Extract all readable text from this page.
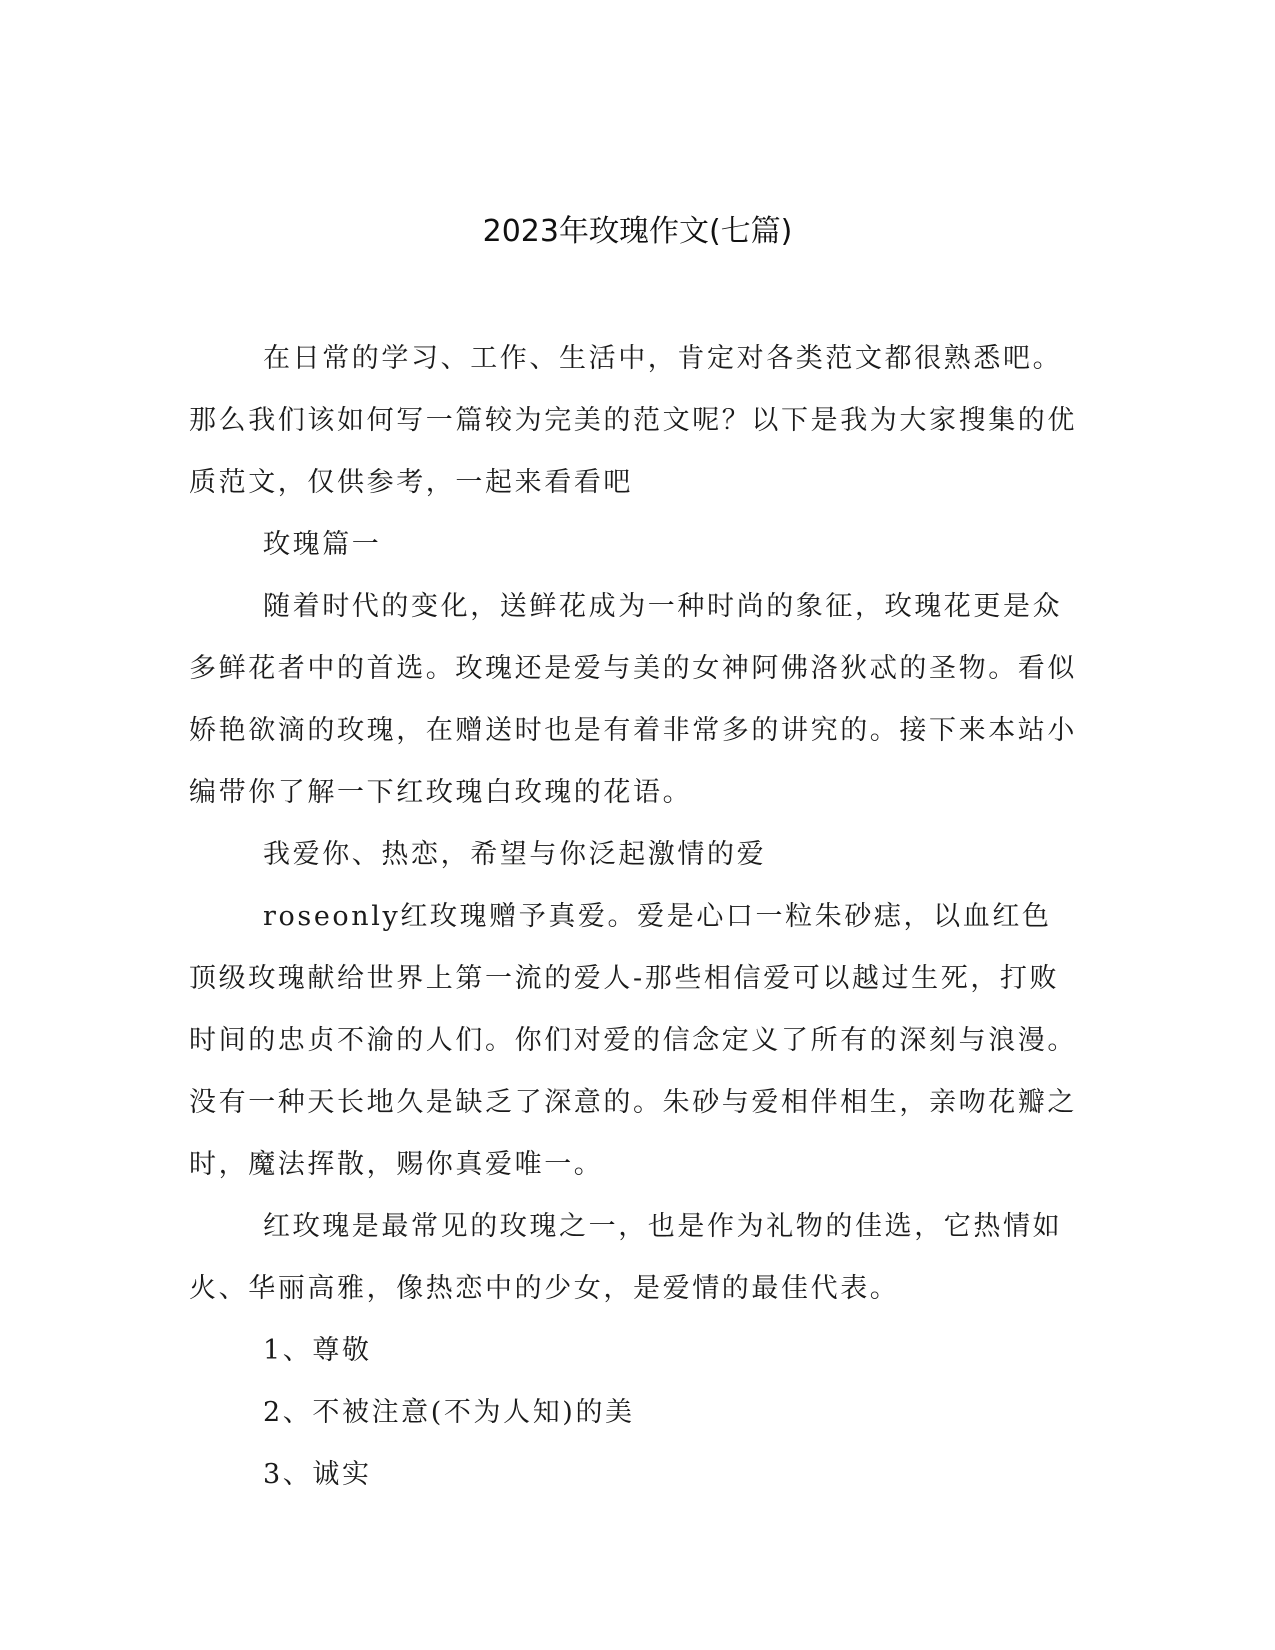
2023年玫瑰作文(七篇)

在日常的学习、工作、生活中，肯定对各类范文都很熟悉吧。那么我们该如何写一篇较为完美的范文呢？以下是我为大家搜集的优质范文，仅供参考，一起来看看吧

玫瑰篇一

随着时代的变化，送鲜花成为一种时尚的象征，玫瑰花更是众多鲜花者中的首选。玫瑰还是爱与美的女神阿佛洛狄忒的圣物。看似娇艳欲滴的玫瑰，在赠送时也是有着非常多的讲究的。接下来本站小编带你了解一下红玫瑰白玫瑰的花语。

我爱你、热恋，希望与你泛起激情的爱

roseonly红玫瑰赠予真爱。爱是心口一粒朱砂痣，以血红色顶级玫瑰献给世界上第一流的爱人-那些相信爱可以越过生死，打败时间的忠贞不渝的人们。你们对爱的信念定义了所有的深刻与浪漫。没有一种天长地久是缺乏了深意的。朱砂与爱相伴相生，亲吻花瓣之时，魔法挥散，赐你真爱唯一。

红玫瑰是最常见的玫瑰之一，也是作为礼物的佳选，它热情如火、华丽高雅，像热恋中的少女，是爱情的最佳代表。

1、尊敬

2、不被注意(不为人知)的美

3、诚实
